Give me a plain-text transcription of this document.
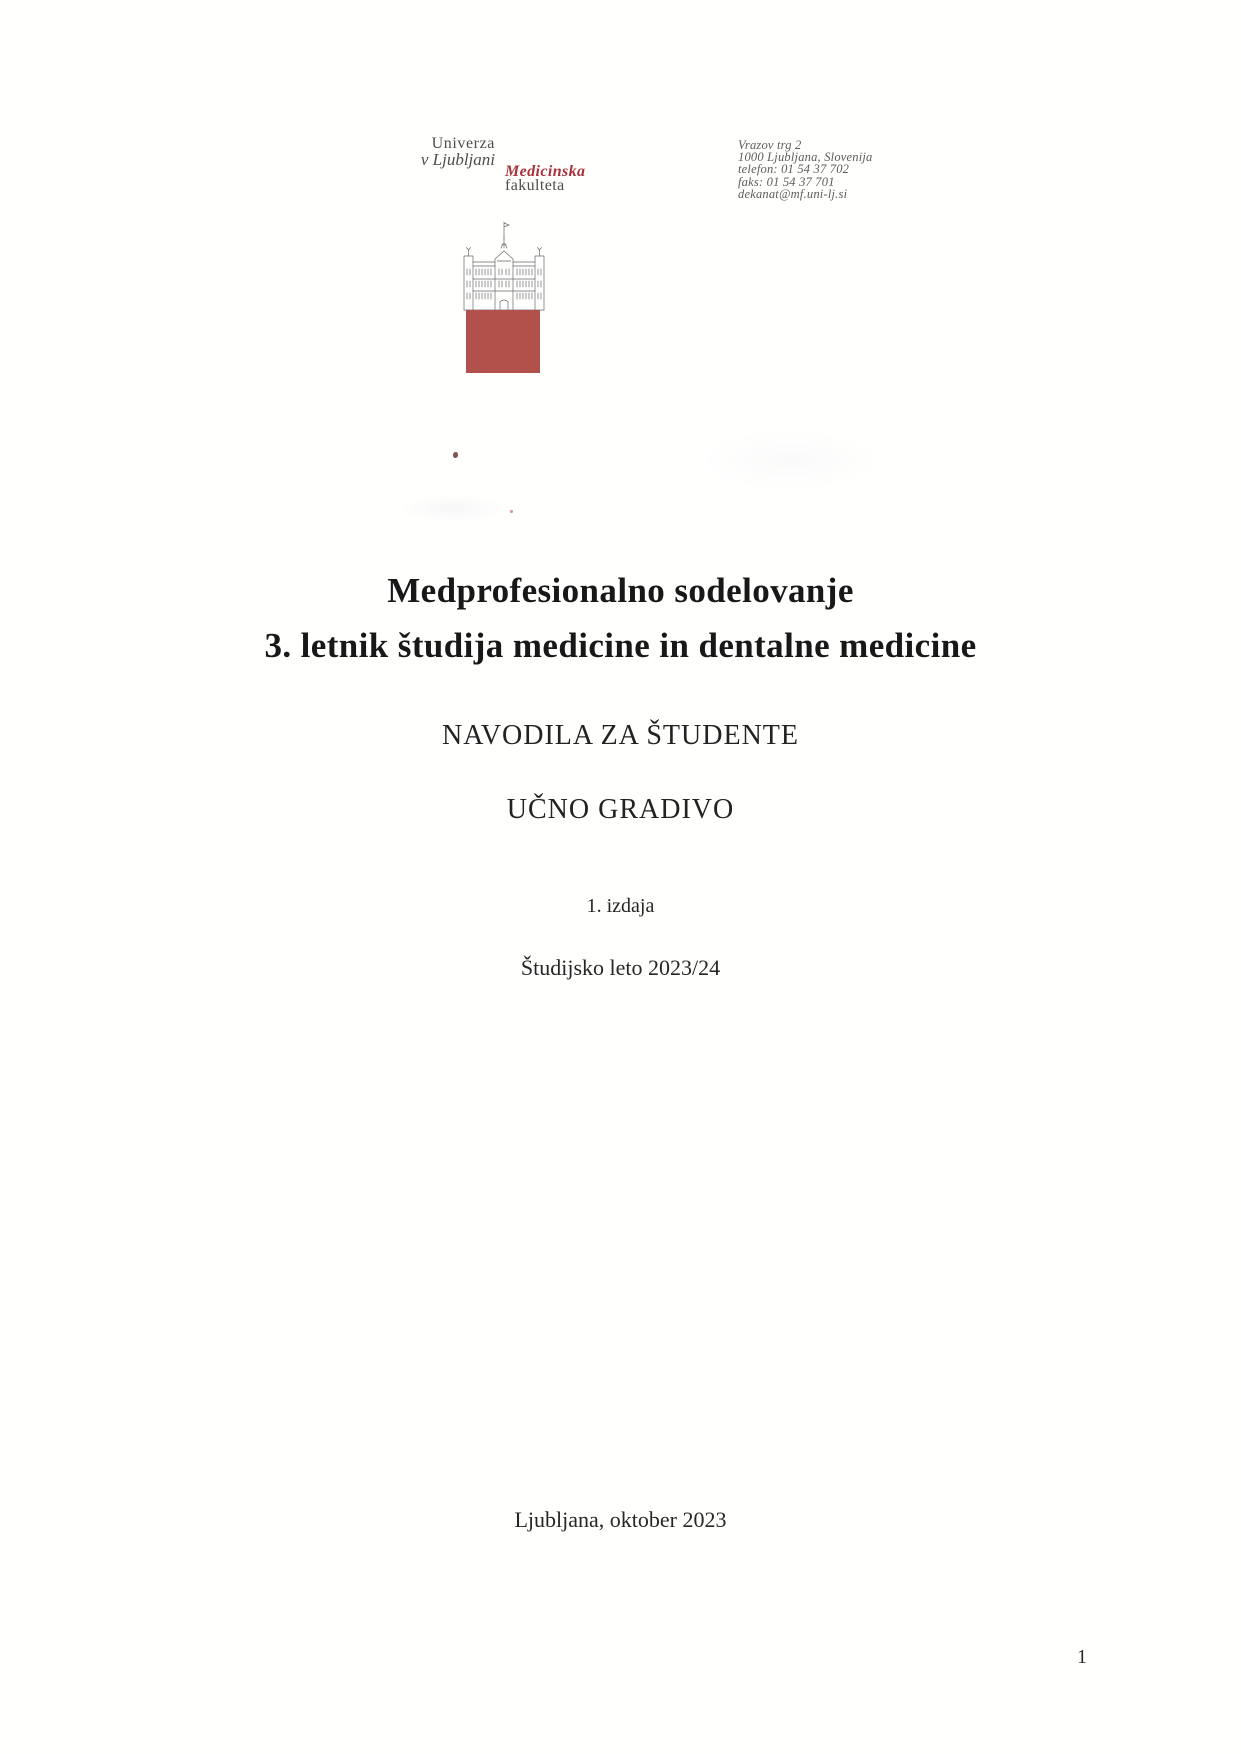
Univerza
v Ljubljani
Medicinska
fakulteta
Vrazov trg 2
1000 Ljubljana, Slovenija
telefon: 01 54 37 702
faks: 01 54 37 701
dekanat@mf.uni-lj.si
Medprofesionalno sodelovanje
3. letnik študija medicine in dentalne medicine
NAVODILA ZA ŠTUDENTE
UČNO GRADIVO
1. izdaja
Študijsko leto 2023/24
Ljubljana, oktober 2023
1
